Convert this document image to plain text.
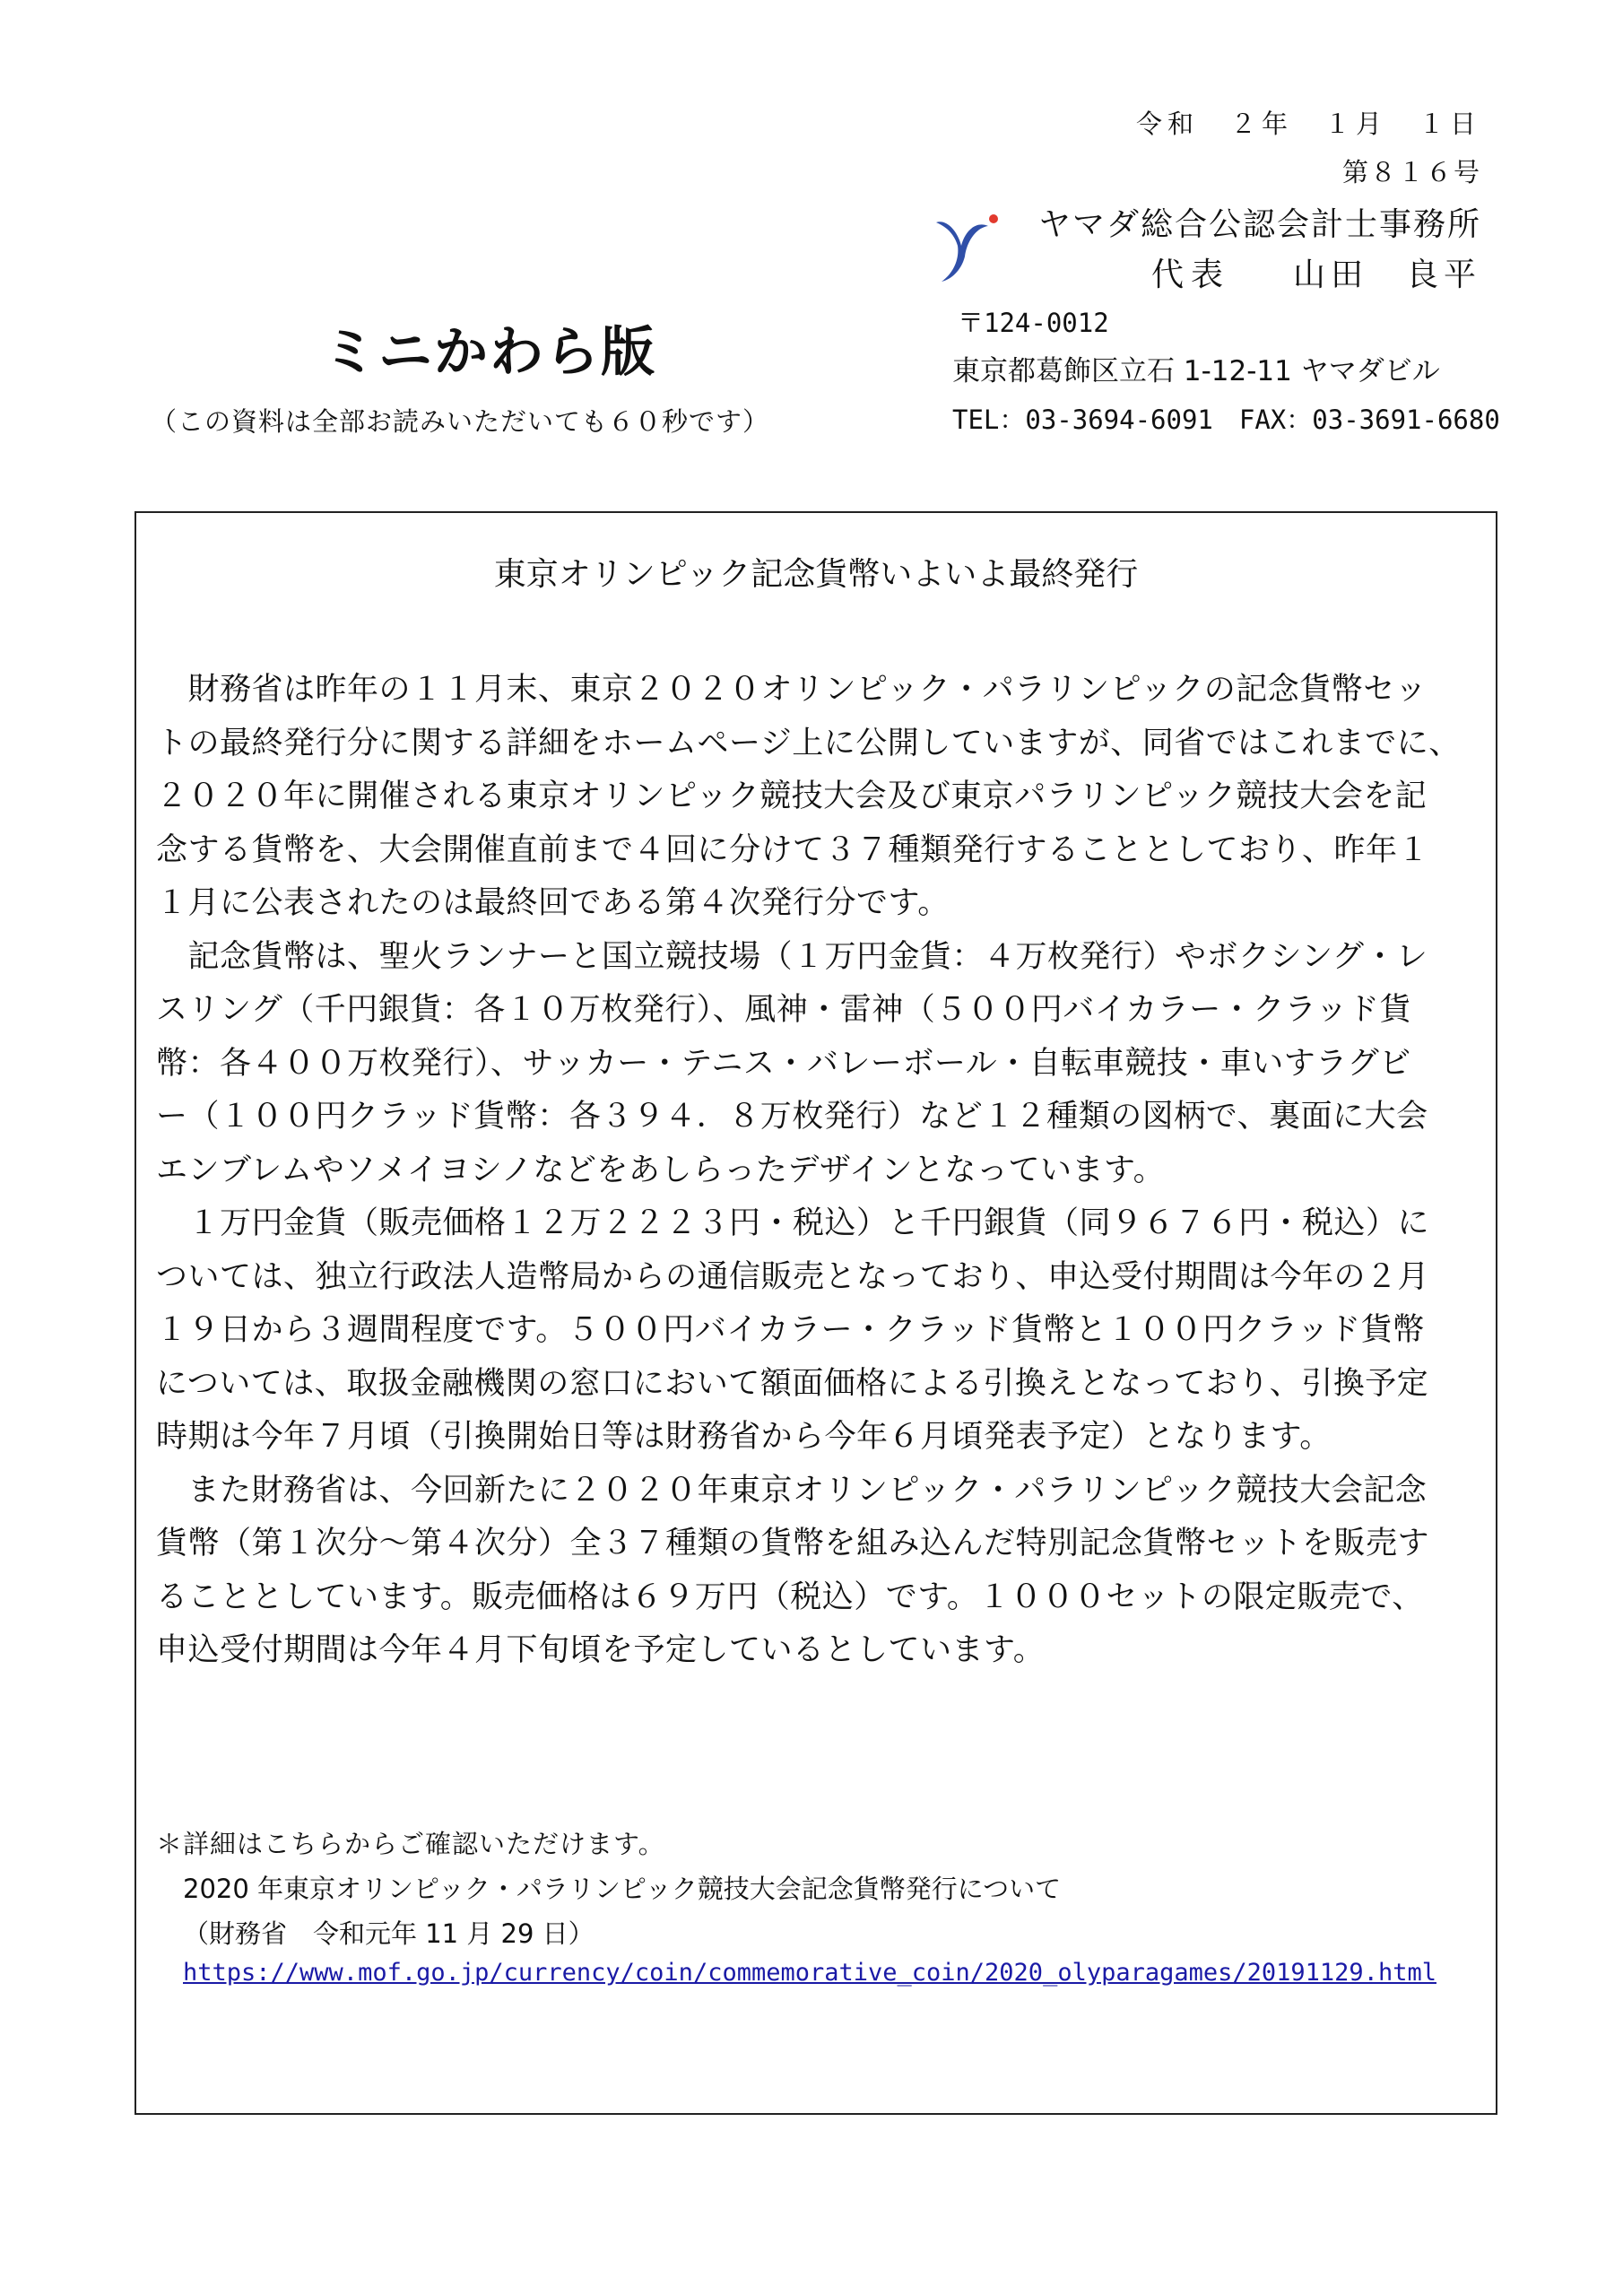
令和　２年　１月　１日
第８１６号
ヤマダ総合公認会計士事務所
代表 山田　良平
〒124-0012
東京都葛飾区立石 1-12-11 ヤマダビル
TEL：03-3694-6091　FAX：03-3691-6680
ミニかわら版
（この資料は全部お読みいただいても６０秒です）
東京オリンピック記念貨幣いよいよ最終発行
　財務省は昨年の１１月末、東京２０２０オリンピック・パラリンピックの記念貨幣セッ
トの最終発行分に関する詳細をホームページ上に公開していますが、同省ではこれまでに、
２０２０年に開催される東京オリンピック競技大会及び東京パラリンピック競技大会を記
念する貨幣を、大会開催直前まで４回に分けて３７種類発行することとしており、昨年１
１月に公表されたのは最終回である第４次発行分です。
　記念貨幣は、聖火ランナーと国立競技場（１万円金貨：４万枚発行）やボクシング・レ
スリング（千円銀貨：各１０万枚発行）、風神・雷神（５００円バイカラー・クラッド貨
幣：各４００万枚発行）、サッカー・テニス・バレーボール・自転車競技・車いすラグビ
ー（１００円クラッド貨幣：各３９４．８万枚発行）など１２種類の図柄で、裏面に大会
エンブレムやソメイヨシノなどをあしらったデザインとなっています。
　１万円金貨（販売価格１２万２２２３円・税込）と千円銀貨（同９６７６円・税込）に
ついては、独立行政法人造幣局からの通信販売となっており、申込受付期間は今年の２月
１９日から３週間程度です。５００円バイカラー・クラッド貨幣と１００円クラッド貨幣
については、取扱金融機関の窓口において額面価格による引換えとなっており、引換予定
時期は今年７月頃（引換開始日等は財務省から今年６月頃発表予定）となります。
　また財務省は、今回新たに２０２０年東京オリンピック・パラリンピック競技大会記念
貨幣（第１次分～第４次分）全３７種類の貨幣を組み込んだ特別記念貨幣セットを販売す
ることとしています。販売価格は６９万円（税込）です。１０００セットの限定販売で、
申込受付期間は今年４月下旬頃を予定しているとしています。
＊詳細はこちらからご確認いただけます。
2020 年東京オリンピック・パラリンピック競技大会記念貨幣発行について
（財務省　令和元年 11 月 29 日）
https://www.mof.go.jp/currency/coin/commemorative_coin/2020_olyparagames/20191129.html
